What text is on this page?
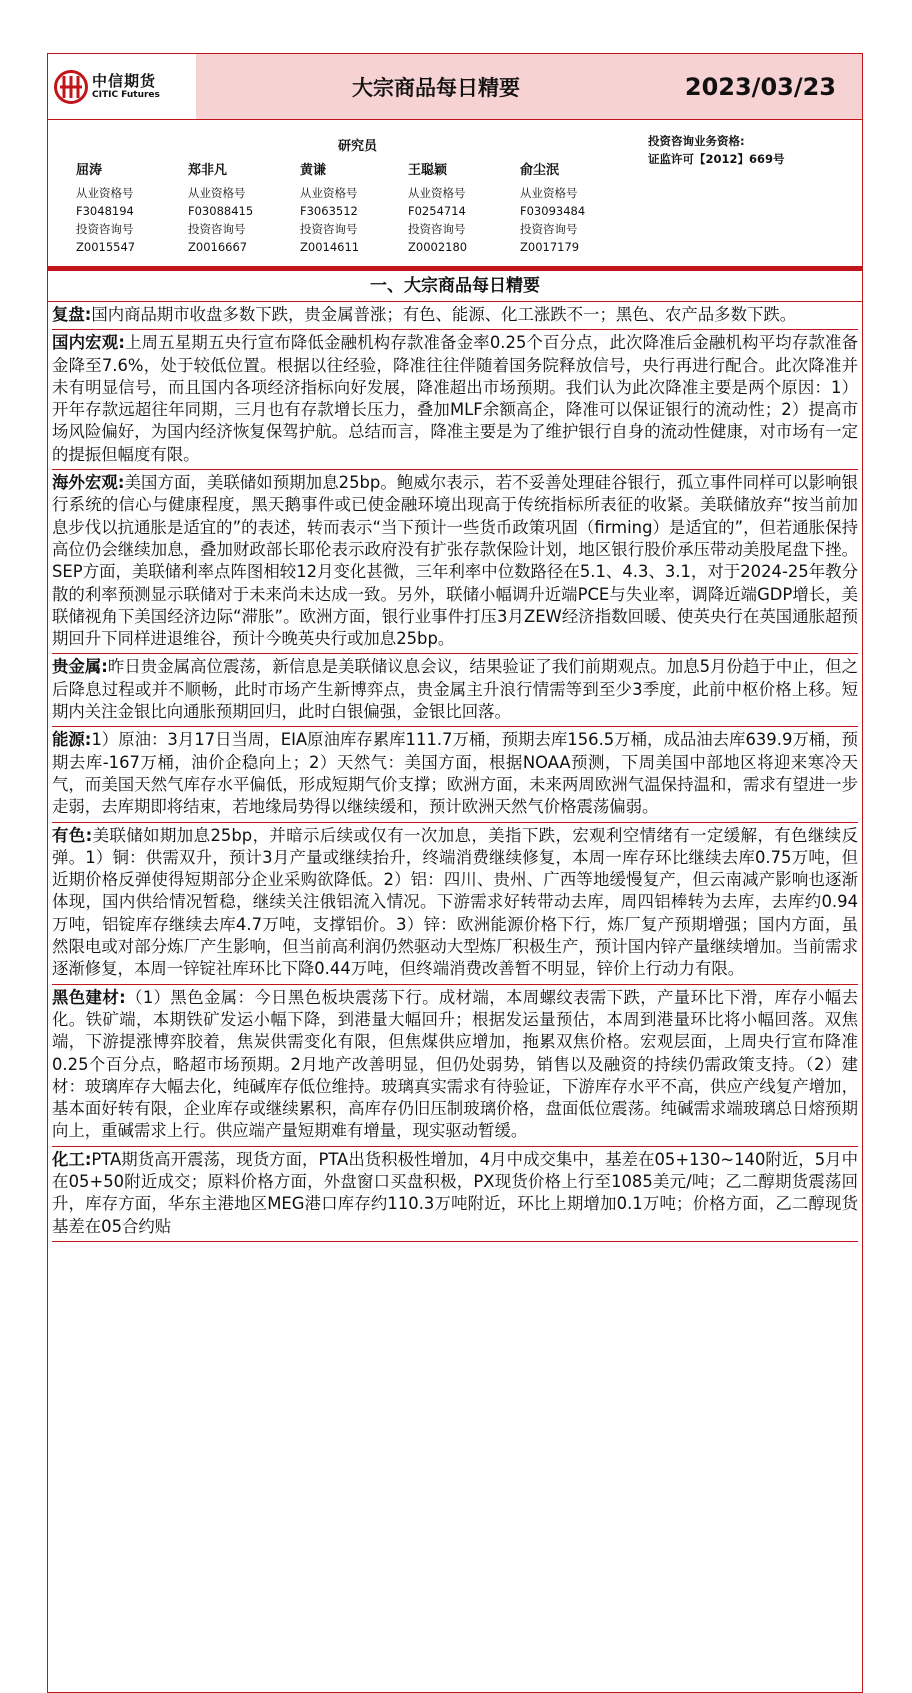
中信期货
CITIC Futures	大宗商品每日精要	2023/03/23
研究员
屈涛
从业资格号
F3048194
投资咨询号
Z0015547
郑非凡
从业资格号
F03088415
投资咨询号
Z0016667
黄谦
从业资格号
F3063512
投资咨询号
Z0014611
王聪颖
从业资格号
F0254714
投资咨询号
Z0002180
俞尘泯
从业资格号
F03093484
投资咨询号
Z0017179
投资咨询业务资格:
证监许可【2012】669号
一、大宗商品每日精要

复盘:国内商品期市收盘多数下跌，贵金属普涨；有色、能源、化工涨跌不一；黑色、农产品多数下跌。

国内宏观:上周五星期五央行宣布降低金融机构存款准备金率0.25个百分点，此次降准后金融机构平均存款准备金降至7.6%，处于较低位置。根据以往经验，降准往往伴随着国务院释放信号，央行再进行配合。此次降准并未有明显信号，而且国内各项经济指标向好发展，降准超出市场预期。我们认为此次降准主要是两个原因：1）开年存款远超往年同期，三月也有存款增长压力，叠加MLF余额高企，降准可以保证银行的流动性；2）提高市场风险偏好，为国内经济恢复保驾护航。总结而言，降准主要是为了维护银行自身的流动性健康，对市场有一定的提振但幅度有限。

海外宏观:美国方面，美联储如预期加息25bp。鲍威尔表示，若不妥善处理硅谷银行，孤立事件同样可以影响银行系统的信心与健康程度，黑天鹅事件或已使金融环境出现高于传统指标所表征的收紧。美联储放弃“按当前加息步伐以抗通胀是适宜的”的表述，转而表示“当下预计一些货币政策巩固（firming）是适宜的”，但若通胀保持高位仍会继续加息，叠加财政部长耶伦表示政府没有扩张存款保险计划，地区银行股价承压带动美股尾盘下挫。SEP方面，美联储利率点阵图相较12月变化甚微，三年利率中位数路径在5.1、4.3、3.1，对于2024-25年教分散的利率预测显示联储对于未来尚未达成一致。另外，联储小幅调升近端PCE与失业率，调降近端GDP增长，美联储视角下美国经济边际“滞胀”。欧洲方面，银行业事件打压3月ZEW经济指数回暖、使英央行在英国通胀超预期回升下同样进退维谷，预计今晚英央行或加息25bp。

贵金属:昨日贵金属高位震荡，新信息是美联储议息会议，结果验证了我们前期观点。加息5月份趋于中止，但之后降息过程或并不顺畅，此时市场产生新博弈点，贵金属主升浪行情需等到至少3季度，此前中枢价格上移。短期内关注金银比向通胀预期回归，此时白银偏强，金银比回落。

能源:1）原油：3月17日当周，EIA原油库存累库111.7万桶，预期去库156.5万桶，成品油去库639.9万桶，预期去库-167万桶，油价企稳向上；2）天然气：美国方面，根据NOAA预测，下周美国中部地区将迎来寒冷天气，而美国天然气库存水平偏低，形成短期气价支撑；欧洲方面，未来两周欧洲气温保持温和，需求有望进一步走弱，去库期即将结束，若地缘局势得以继续缓和，预计欧洲天然气价格震荡偏弱。

有色:美联储如期加息25bp，并暗示后续或仅有一次加息，美指下跌，宏观利空情绪有一定缓解，有色继续反弹。1）铜：供需双升，预计3月产量或继续抬升，终端消费继续修复，本周一库存环比继续去库0.75万吨，但近期价格反弹使得短期部分企业采购欲降低。2）铝：四川、贵州、广西等地缓慢复产，但云南减产影响也逐渐体现，国内供给情况暂稳，继续关注俄铝流入情况。下游需求好转带动去库，周四铝棒转为去库，去库约0.94万吨，铝锭库存继续去库4.7万吨，支撑铝价。3）锌：欧洲能源价格下行，炼厂复产预期增强；国内方面，虽然限电或对部分炼厂产生影响，但当前高利润仍然驱动大型炼厂积极生产，预计国内锌产量继续增加。当前需求逐渐修复，本周一锌锭社库环比下降0.44万吨，但终端消费改善暂不明显，锌价上行动力有限。

黑色建材:（1）黑色金属：今日黑色板块震荡下行。成材端，本周螺纹表需下跌，产量环比下滑，库存小幅去化。铁矿端，本期铁矿发运小幅下降，到港量大幅回升；根据发运量预估，本周到港量环比将小幅回落。双焦端，下游提涨博弈胶着，焦炭供需变化有限，但焦煤供应增加，拖累双焦价格。宏观层面，上周央行宣布降准0.25个百分点，略超市场预期。2月地产改善明显，但仍处弱势，销售以及融资的持续仍需政策支持。（2）建材：玻璃库存大幅去化，纯碱库存低位维持。玻璃真实需求有待验证，下游库存水平不高，供应产线复产增加，基本面好转有限，企业库存或继续累积，高库存仍旧压制玻璃价格，盘面低位震荡。纯碱需求端玻璃总日熔预期向上，重碱需求上行。供应端产量短期难有增量，现实驱动暂缓。

化工:PTA期货高开震荡，现货方面，PTA出货积极性增加，4月中成交集中，基差在05+130~140附近，5月中在05+50附近成交；原料价格方面，外盘窗口买盘积极，PX现货价格上行至1085美元/吨；乙二醇期货震荡回升，库存方面，华东主港地区MEG港口库存约110.3万吨附近，环比上期增加0.1万吨；价格方面，乙二醇现货基差在05合约贴
